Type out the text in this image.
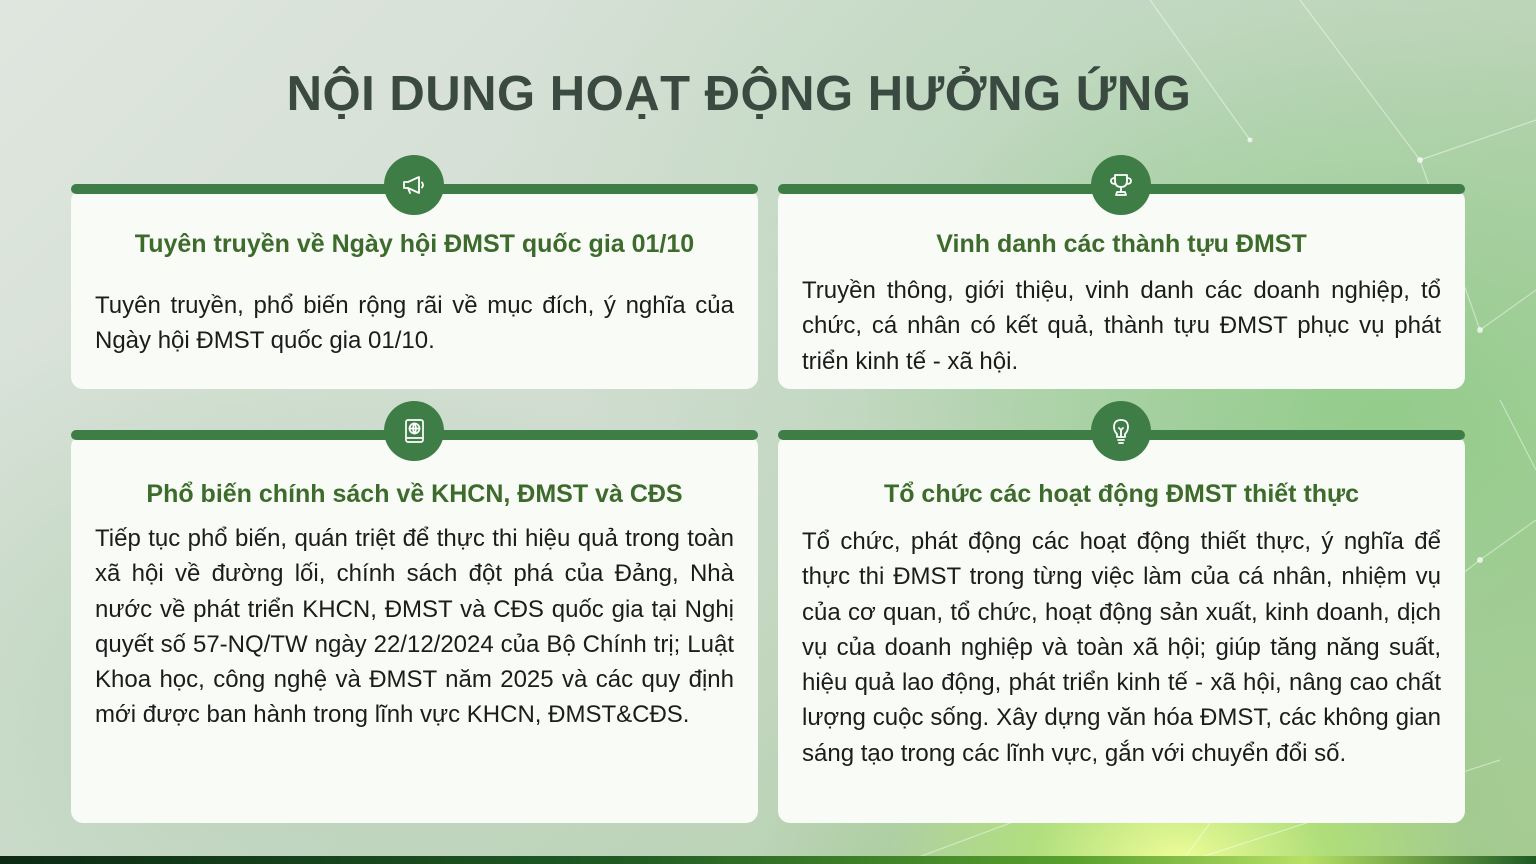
NỘI DUNG HOẠT ĐỘNG HƯỞNG ỨNG
Tuyên truyền về Ngày hội ĐMST quốc gia 01/10
Tuyên truyền, phổ biến rộng rãi về mục đích, ý nghĩa của Ngày hội ĐMST quốc gia 01/10.
Vinh danh các thành tựu ĐMST
Truyền thông, giới thiệu, vinh danh các doanh nghiệp, tổ chức, cá nhân có kết quả, thành tựu ĐMST phục vụ phát triển kinh tế - xã hội.
Phổ biến chính sách về KHCN, ĐMST và CĐS
Tiếp tục phổ biến, quán triệt để thực thi hiệu quả trong toàn xã hội về đường lối, chính sách đột phá của Đảng, Nhà nước về phát triển KHCN, ĐMST và CĐS quốc gia tại Nghị quyết số 57-NQ/TW ngày 22/12/2024 của Bộ Chính trị; Luật Khoa học, công nghệ và ĐMST năm 2025 và các quy định mới được ban hành trong lĩnh vực KHCN, ĐMST&CĐS.
Tổ chức các hoạt động ĐMST thiết thực
Tổ chức, phát động các hoạt động thiết thực, ý nghĩa để thực thi ĐMST trong từng việc làm của cá nhân, nhiệm vụ của cơ quan, tổ chức, hoạt động sản xuất, kinh doanh, dịch vụ của doanh nghiệp và toàn xã hội; giúp tăng năng suất, hiệu quả lao động, phát triển kinh tế - xã hội, nâng cao chất lượng cuộc sống. Xây dựng văn hóa ĐMST, các không gian sáng tạo trong các lĩnh vực, gắn với chuyển đổi số.
